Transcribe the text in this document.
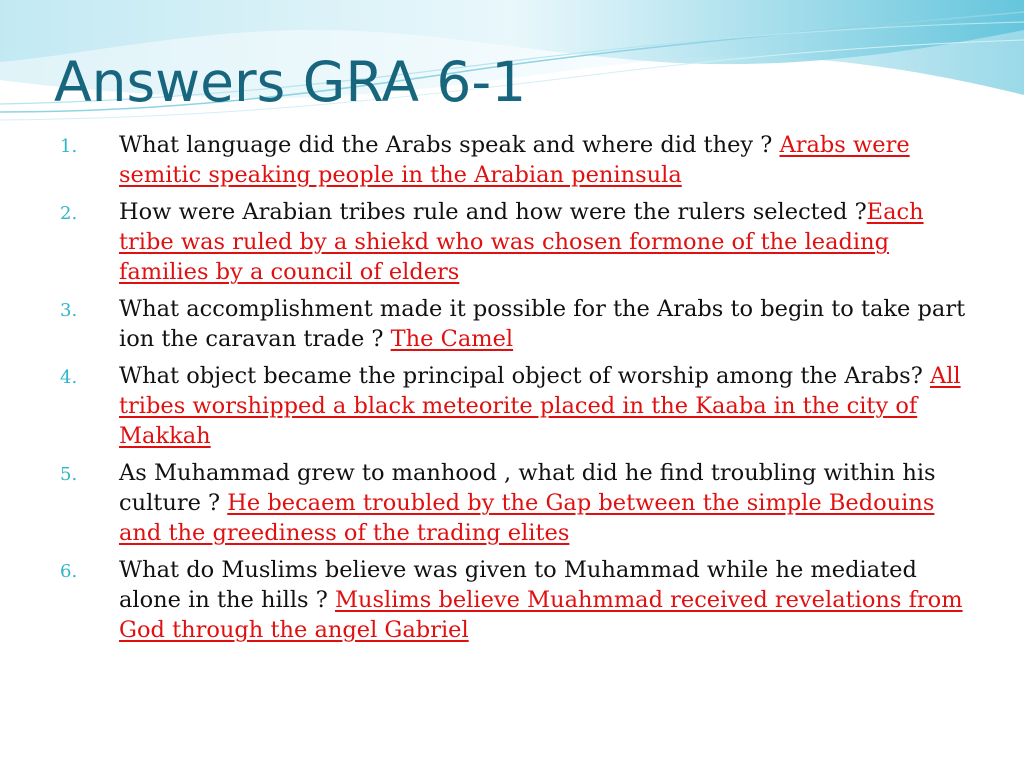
Answers GRA 6-1
1. What language did the Arabs speak and where did they ? Arabs were semitic speaking people in the Arabian peninsula
2. How were Arabian tribes rule and how were the rulers selected ?Each tribe was ruled by a shiekd who was chosen formone of the leading families by a council of elders
3. What accomplishment made it possible for the Arabs to begin to take part ion the caravan trade ? The Camel
4. What object became the principal object of worship among the Arabs? All tribes worshipped a black meteorite placed in the Kaaba in the city of Makkah
5. As Muhammad grew to manhood , what did he find troubling within his culture ? He becaem troubled by the Gap between the simple Bedouins and the greediness of the trading elites
6. What do Muslims believe was given to Muhammad while he mediated alone in the hills ? Muslims believe Muahmmad received revelations from God through the angel Gabriel
